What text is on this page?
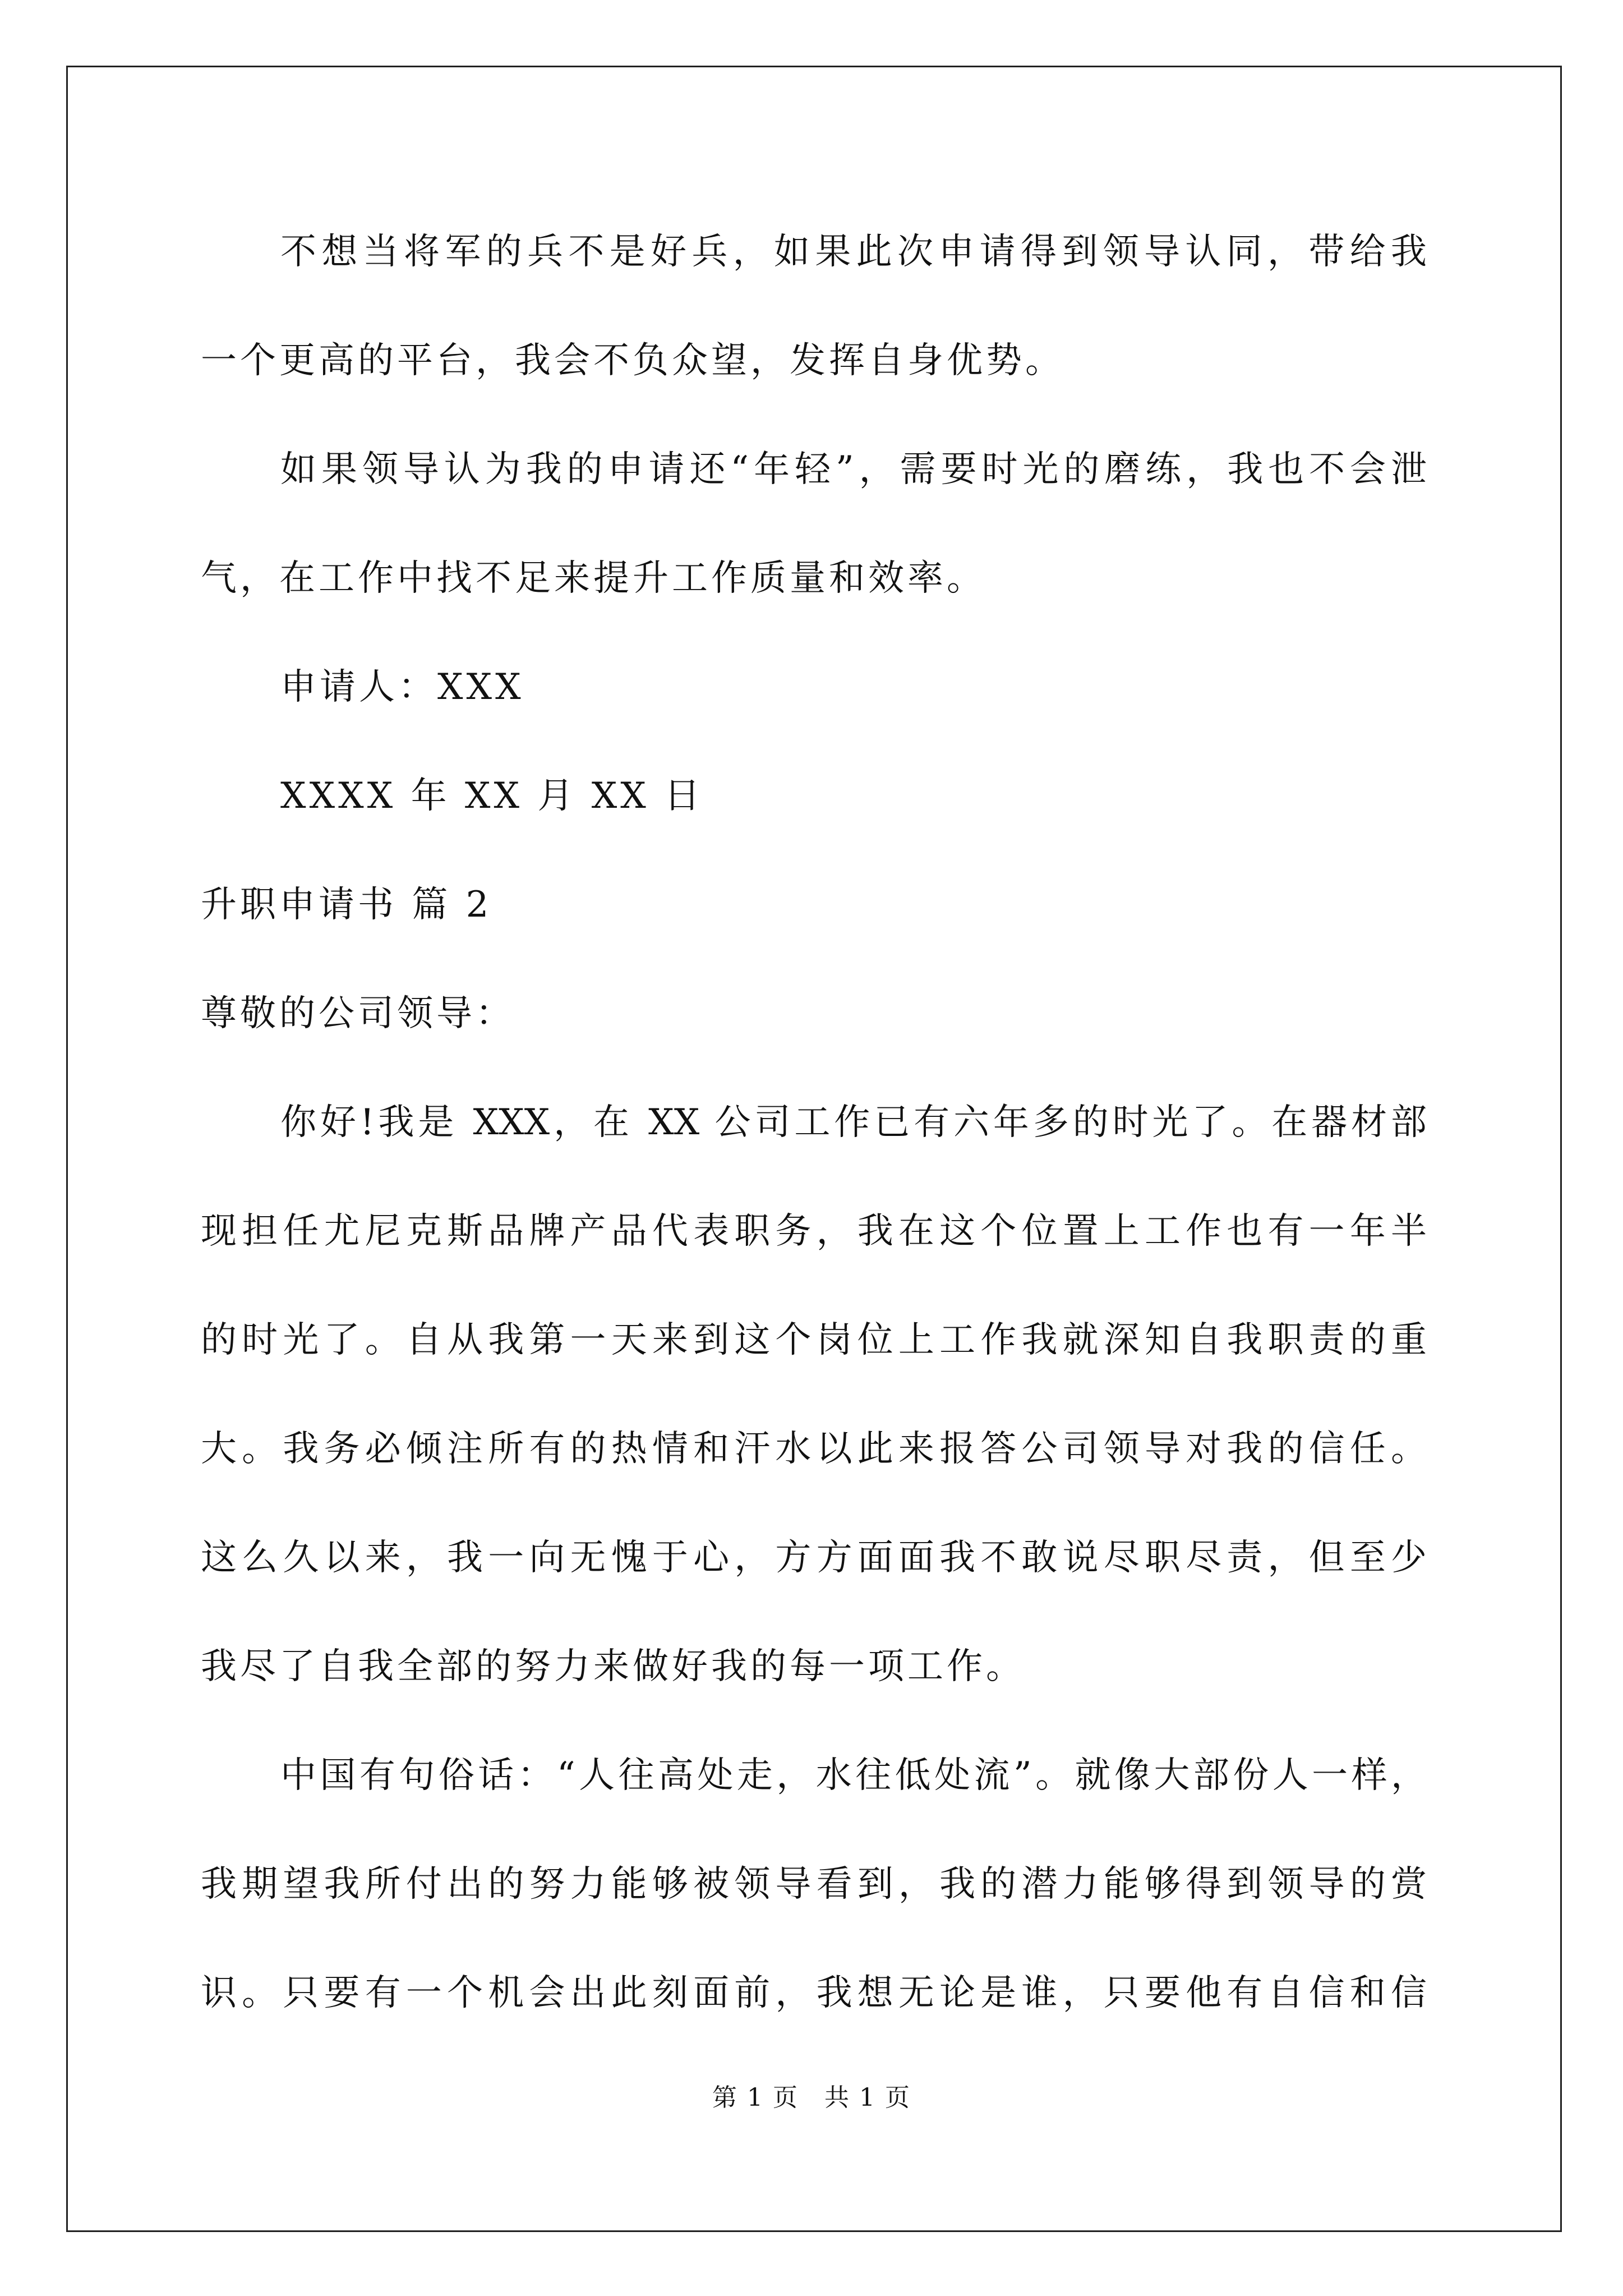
不想当将军的兵不是好兵，如果此次申请得到领导认同，带给我
一个更高的平台，我会不负众望，发挥自身优势。
如果领导认为我的申请还“年轻”，需要时光的磨练，我也不会泄
气，在工作中找不足来提升工作质量和效率。
申请人：XXX
XXXX 年 XX 月 XX 日
升职申请书 篇 2
尊敬的公司领导：
你好!我是 XXX，在 XX 公司工作已有六年多的时光了。在器材部
现担任尤尼克斯品牌产品代表职务，我在这个位置上工作也有一年半
的时光了。自从我第一天来到这个岗位上工作我就深知自我职责的重
大。我务必倾注所有的热情和汗水以此来报答公司领导对我的信任。
这么久以来，我一向无愧于心，方方面面我不敢说尽职尽责，但至少
我尽了自我全部的努力来做好我的每一项工作。
中国有句俗话：“人往高处走，水往低处流”。就像大部份人一样，
我期望我所付出的努力能够被领导看到，我的潜力能够得到领导的赏
识。只要有一个机会出此刻面前，我想无论是谁，只要他有自信和信
第 1 页　共 1 页
